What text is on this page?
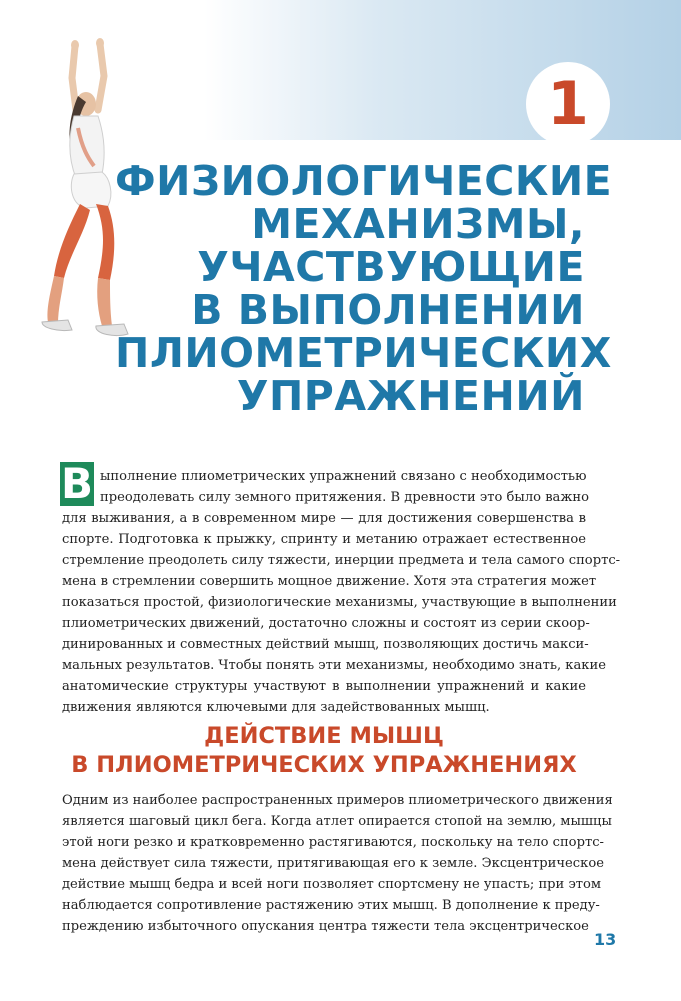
1
ФИЗИОЛОГИЧЕСКИЕ
МЕХАНИЗМЫ,
УЧАСТВУЮЩИЕ
В ВЫПОЛНЕНИИ
ПЛИОМЕТРИЧЕСКИХ
УПРАЖНЕНИЙ
В ыполнение плиометрических упражнений связано с необходимостью
преодолевать силу земного притяжения. В древности это было важно
для выживания, а в современном мире — для достижения совершенства в
спорте. Подготовка к прыжку, спринту и метанию отражает естественное
стремление преодолеть силу тяжести, инерции предмета и тела самого спортс-
мена в стремлении совершить мощное движение. Хотя эта стратегия может
показаться простой, физиологические механизмы, участвующие в выполнении
плиометрических движений, достаточно сложны и состоят из серии скоор-
динированных и совместных действий мышц, позволяющих достичь макси-
мальных результатов. Чтобы понять эти механизмы, необходимо знать, какие
анатомические структуры участвуют в выполнении упражнений и какие
движения являются ключевыми для задействованных мышц.
ДЕЙСТВИЕ МЫШЦ
В ПЛИОМЕТРИЧЕСКИХ УПРАЖНЕНИЯХ
Одним из наиболее распространенных примеров плиометрического движения
является шаговый цикл бега. Когда атлет опирается стопой на землю, мышцы
этой ноги резко и кратковременно растягиваются, поскольку на тело спортс-
мена действует сила тяжести, притягивающая его к земле. Эксцентрическое
действие мышц бедра и всей ноги позволяет спортсмену не упасть; при этом
наблюдается сопротивление растяжению этих мышц. В дополнение к преду-
преждению избыточного опускания центра тяжести тела эксцентрическое
13
